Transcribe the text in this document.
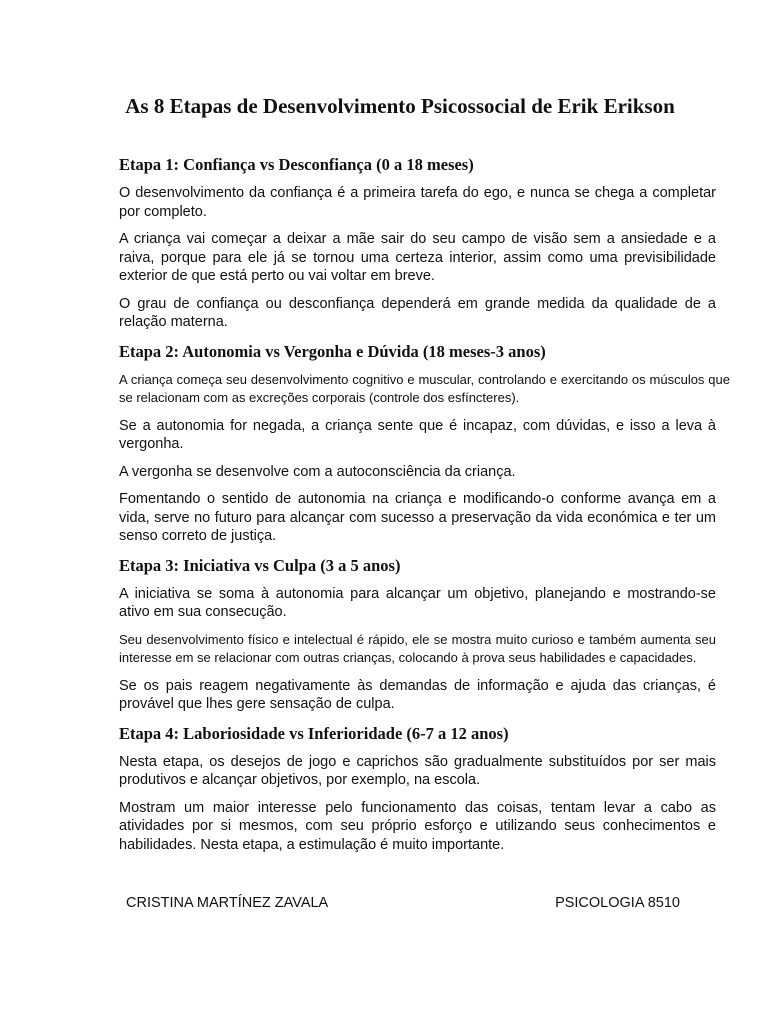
As 8 Etapas de Desenvolvimento Psicossocial de Erik Erikson
Etapa 1: Confiança vs Desconfiança (0 a 18 meses)

O desenvolvimento da confiança é a primeira tarefa do ego, e nunca se chega a completar por completo.

A criança vai começar a deixar a mãe sair do seu campo de visão sem a ansiedade e a raiva, porque para ele já se tornou uma certeza interior, assim como uma previsibilidade exterior de que está perto ou vai voltar em breve.

O grau de confiança ou desconfiança dependerá em grande medida da qualidade de a relação materna.

Etapa 2: Autonomia vs Vergonha e Dúvida (18 meses-3 anos)

A criança começa seu desenvolvimento cognitivo e muscular, controlando e exercitando os músculos que se relacionam com as excreções corporais (controle dos esfíncteres).

Se a autonomia for negada, a criança sente que é incapaz, com dúvidas, e isso a leva à vergonha.

A vergonha se desenvolve com a autoconsciência da criança.

Fomentando o sentido de autonomia na criança e modificando-o conforme avança em a vida, serve no futuro para alcançar com sucesso a preservação da vida económica e ter um senso correto de justiça.

Etapa 3: Iniciativa vs Culpa (3 a 5 anos)

A iniciativa se soma à autonomia para alcançar um objetivo, planejando e mostrando-se ativo em sua consecução.

Seu desenvolvimento físico e intelectual é rápido, ele se mostra muito curioso e também aumenta seu interesse em se relacionar com outras crianças, colocando à prova seus habilidades e capacidades.

Se os pais reagem negativamente às demandas de informação e ajuda das crianças, é provável que lhes gere sensação de culpa.

Etapa 4: Laboriosidade vs Inferioridade (6-7 a 12 anos)

Nesta etapa, os desejos de jogo e caprichos são gradualmente substituídos por ser mais produtivos e alcançar objetivos, por exemplo, na escola.

Mostram um maior interesse pelo funcionamento das coisas, tentam levar a cabo as atividades por si mesmos, com seu próprio esforço e utilizando seus conhecimentos e habilidades. Nesta etapa, a estimulação é muito importante.

CRISTINA MARTÍNEZ ZAVALA	PSICOLOGIA 8510
